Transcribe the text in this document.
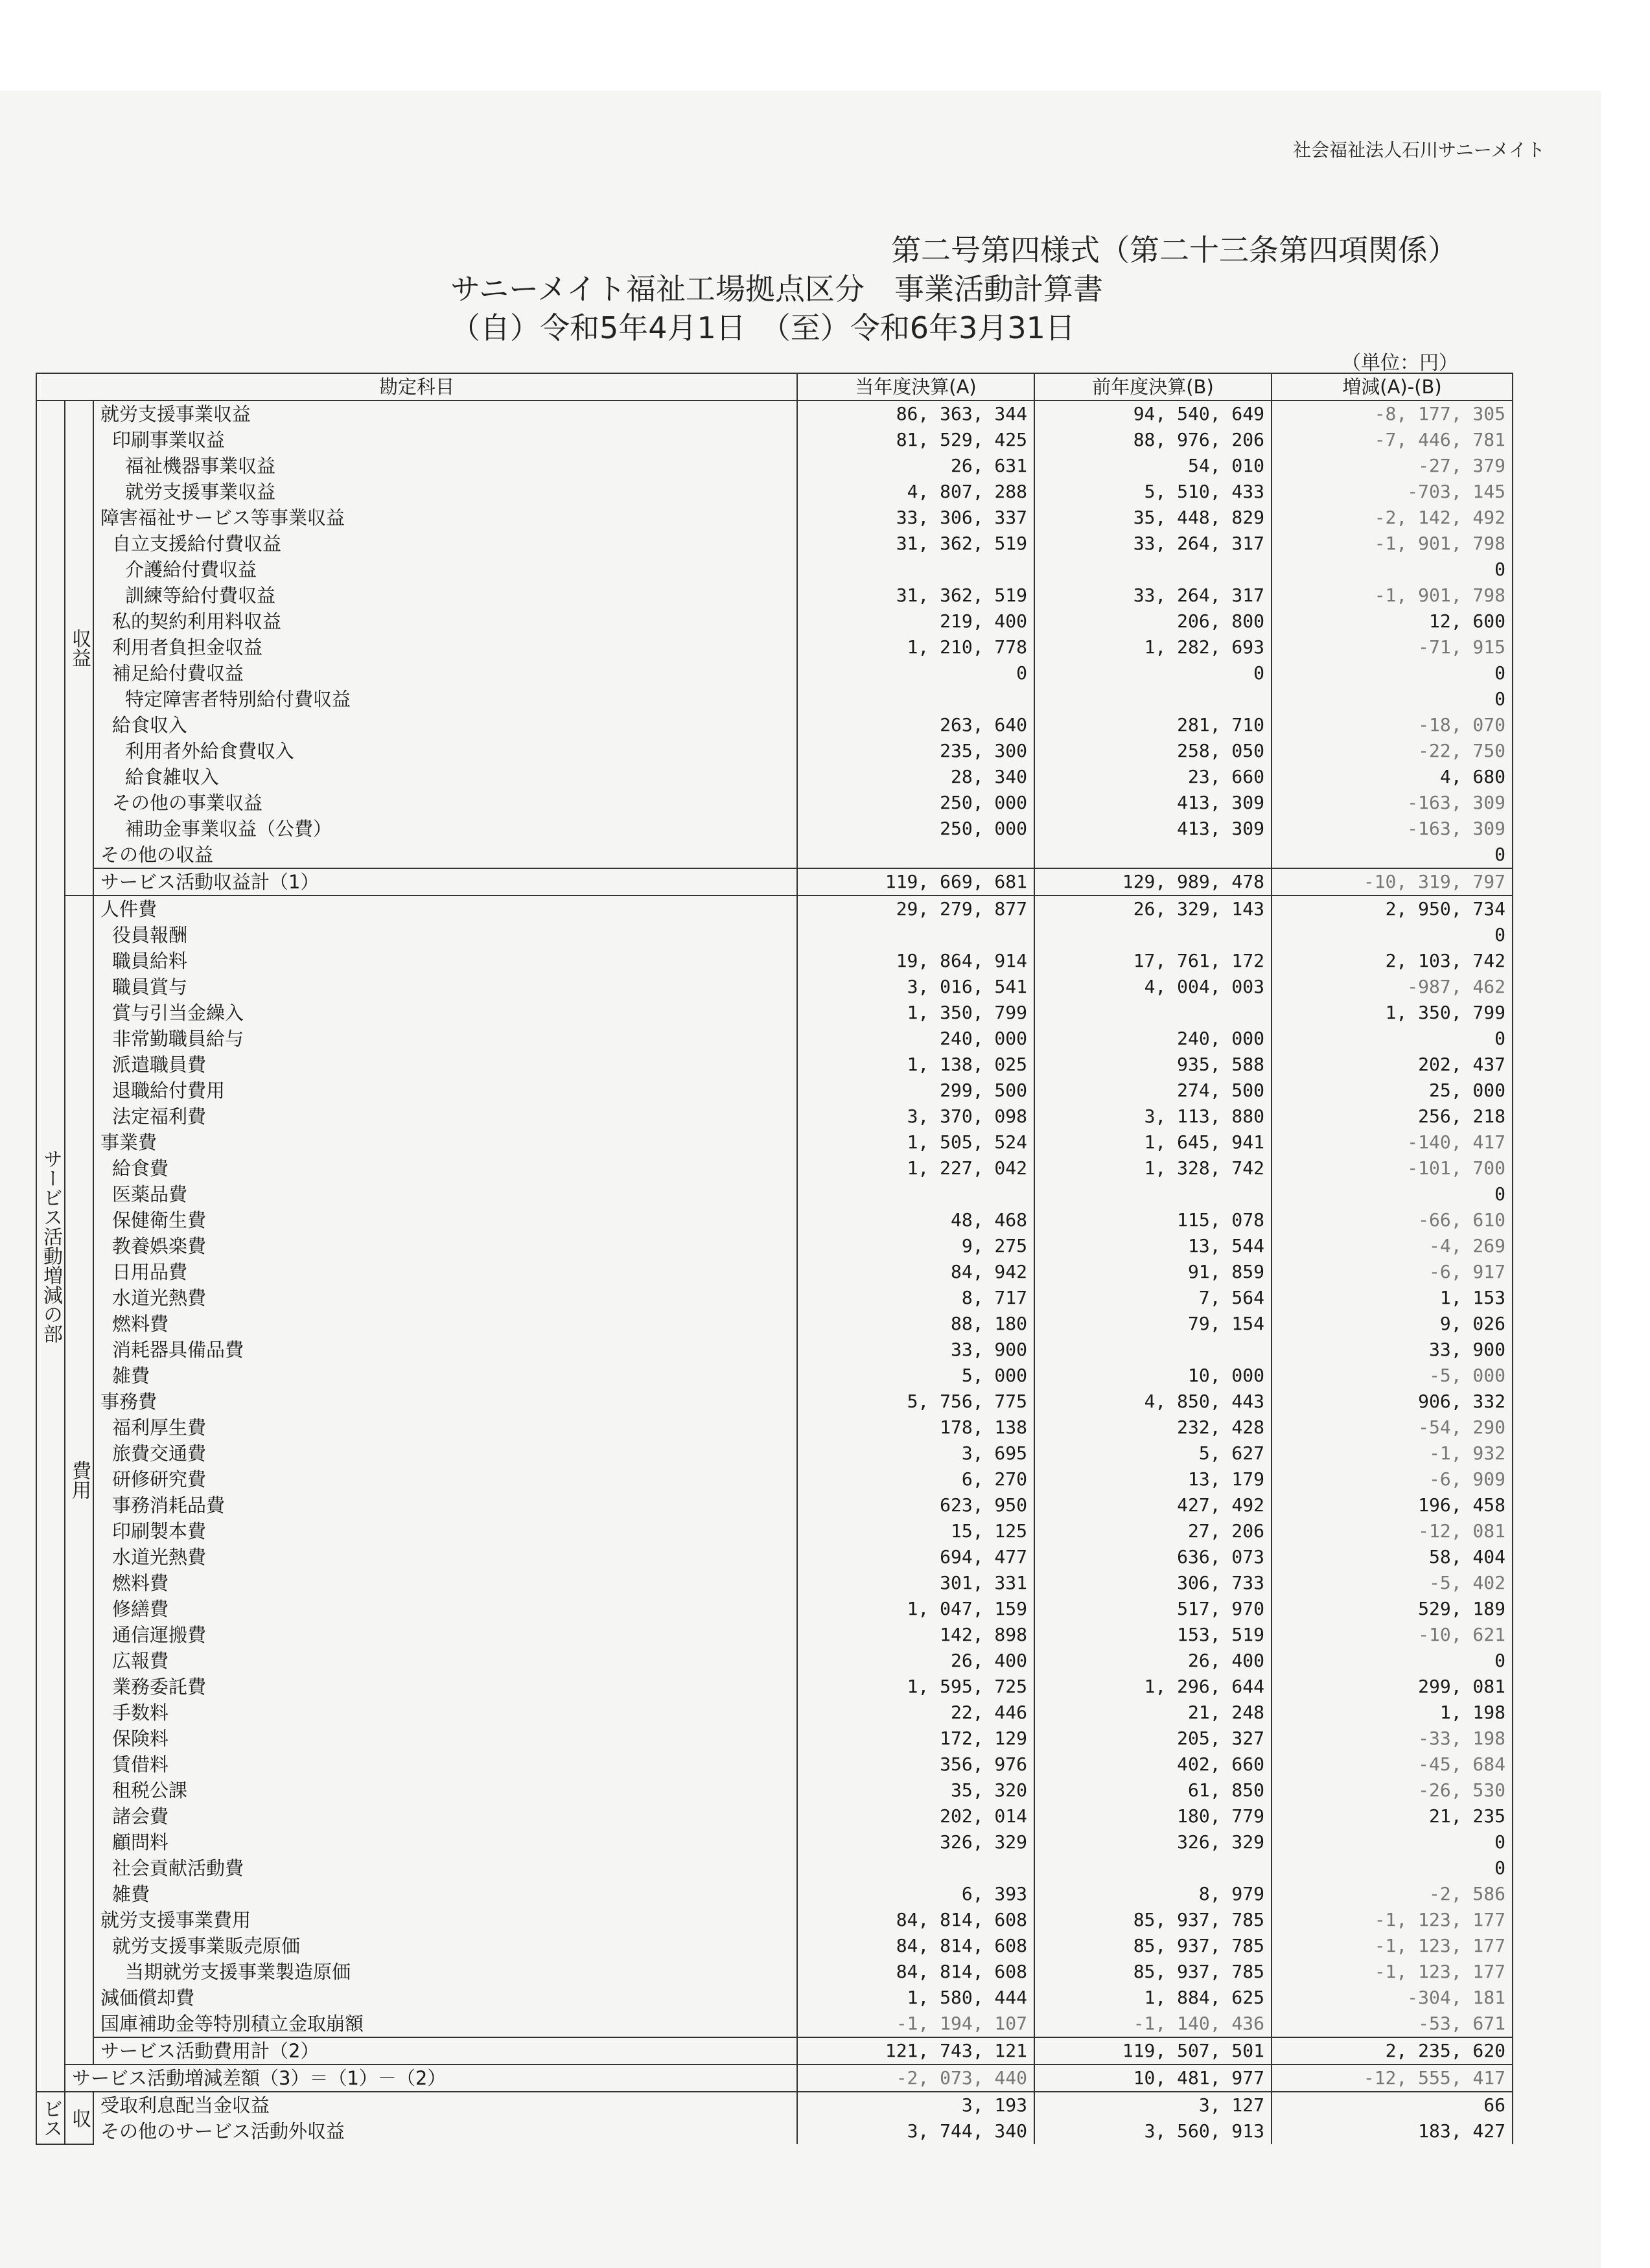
社会福祉法人石川サニーメイト
第二号第四様式（第二十三条第四項関係）
サニーメイト福祉工場拠点区分　事業活動計算書
（自）令和5年4月1日　（至）令和6年3月31日
（単位：円）
勘定科目			当年度決算(A)	前年度決算(B)	増減(A)-(B)

サービス活動増減の部	収益	就労支援事業収益	86, 363, 344	94, 540, 649	-8, 177, 305
		印刷事業収益	81, 529, 425	88, 976, 206	-7, 446, 781
		福祉機器事業収益	26, 631	54, 010	-27, 379
		就労支援事業収益	4, 807, 288	5, 510, 433	-703, 145
		障害福祉サービス等事業収益	33, 306, 337	35, 448, 829	-2, 142, 492
		自立支援給付費収益	31, 362, 519	33, 264, 317	-1, 901, 798
		介護給付費収益			0
		訓練等給付費収益	31, 362, 519	33, 264, 317	-1, 901, 798
		私的契約利用料収益	219, 400	206, 800	12, 600
		利用者負担金収益	1, 210, 778	1, 282, 693	-71, 915
		補足給付費収益	0	0	0
		特定障害者特別給付費収益			0
		給食収入	263, 640	281, 710	-18, 070
		利用者外給食費収入	235, 300	258, 050	-22, 750
		給食雑収入	28, 340	23, 660	4, 680
		その他の事業収益	250, 000	413, 309	-163, 309
		補助金事業収益（公費）	250, 000	413, 309	-163, 309
		その他の収益			0
		サービス活動収益計（1）	119, 669, 681	129, 989, 478	-10, 319, 797

	費用	人件費	29, 279, 877	26, 329, 143	2, 950, 734
		役員報酬			0
		職員給料	19, 864, 914	17, 761, 172	2, 103, 742
		職員賞与	3, 016, 541	4, 004, 003	-987, 462
		賞与引当金繰入	1, 350, 799		1, 350, 799
		非常勤職員給与	240, 000	240, 000	0
		派遣職員費	1, 138, 025	935, 588	202, 437
		退職給付費用	299, 500	274, 500	25, 000
		法定福利費	3, 370, 098	3, 113, 880	256, 218
		事業費	1, 505, 524	1, 645, 941	-140, 417
		給食費	1, 227, 042	1, 328, 742	-101, 700
		医薬品費			0
		保健衛生費	48, 468	115, 078	-66, 610
		教養娯楽費	9, 275	13, 544	-4, 269
		日用品費	84, 942	91, 859	-6, 917
		水道光熱費	8, 717	7, 564	1, 153
		燃料費	88, 180	79, 154	9, 026
		消耗器具備品費	33, 900		33, 900
		雑費	5, 000	10, 000	-5, 000
		事務費	5, 756, 775	4, 850, 443	906, 332
		福利厚生費	178, 138	232, 428	-54, 290
		旅費交通費	3, 695	5, 627	-1, 932
		研修研究費	6, 270	13, 179	-6, 909
		事務消耗品費	623, 950	427, 492	196, 458
		印刷製本費	15, 125	27, 206	-12, 081
		水道光熱費	694, 477	636, 073	58, 404
		燃料費	301, 331	306, 733	-5, 402
		修繕費	1, 047, 159	517, 970	529, 189
		通信運搬費	142, 898	153, 519	-10, 621
		広報費	26, 400	26, 400	0
		業務委託費	1, 595, 725	1, 296, 644	299, 081
		手数料	22, 446	21, 248	1, 198
		保険料	172, 129	205, 327	-33, 198
		賃借料	356, 976	402, 660	-45, 684
		租税公課	35, 320	61, 850	-26, 530
		諸会費	202, 014	180, 779	21, 235
		顧問料	326, 329	326, 329	0
		社会貢献活動費			0
		雑費	6, 393	8, 979	-2, 586
		就労支援事業費用	84, 814, 608	85, 937, 785	-1, 123, 177
		就労支援事業販売原価	84, 814, 608	85, 937, 785	-1, 123, 177
		当期就労支援事業製造原価	84, 814, 608	85, 937, 785	-1, 123, 177
		減価償却費	1, 580, 444	1, 884, 625	-304, 181
		国庫補助金等特別積立金取崩額	-1, 194, 107	-1, 140, 436	-53, 671
		サービス活動費用計（2）	121, 743, 121	119, 507, 501	2, 235, 620
	サービス活動増減差額（3）＝（1）－（2）		-2, 073, 440	10, 481, 977	-12, 555, 417

ビス	収	受取利息配当金収益	3, 193	3, 127	66
		その他のサービス活動外収益	3, 744, 340	3, 560, 913	183, 427
